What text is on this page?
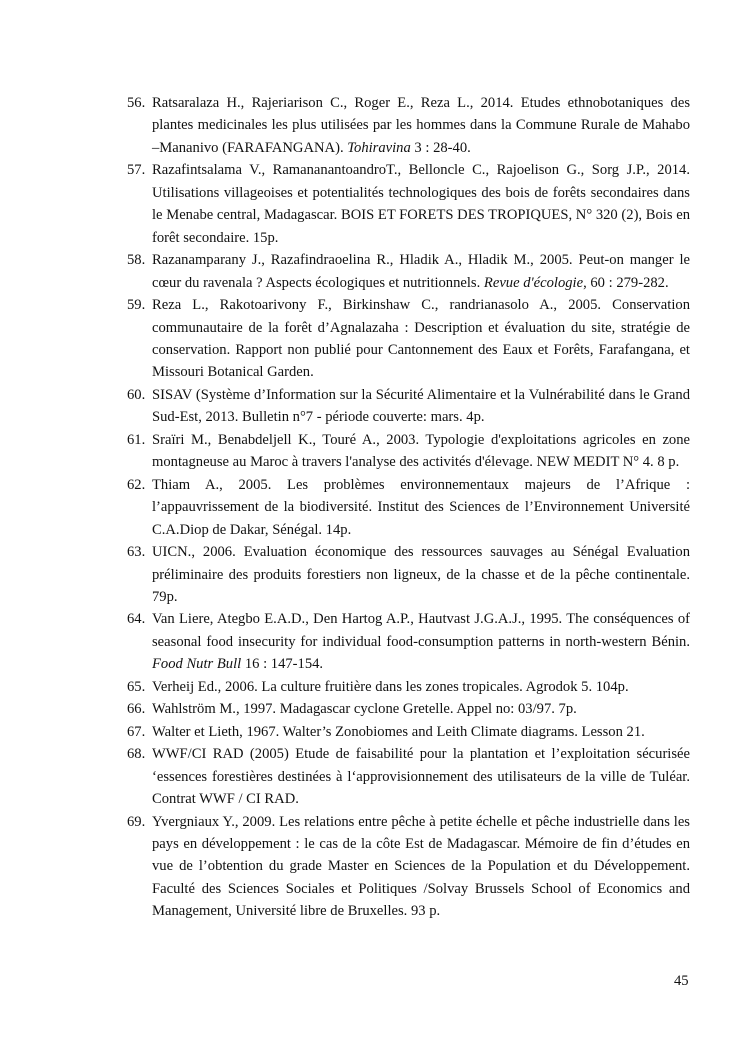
56. Ratsaralaza H., Rajeriarison C., Roger E., Reza L., 2014. Etudes ethnobotaniques des plantes medicinales les plus utilisées par les hommes dans la Commune Rurale de Mahabo –Mananivo (FARAFANGANA). Tohiravina 3 : 28-40.
57. Razafintsalama V., RamananantoandroT., Belloncle C., Rajoelison G., Sorg J.P., 2014. Utilisations villageoises et potentialités technologiques des bois de forêts secondaires dans le Menabe central, Madagascar. BOIS ET FORETS DES TROPIQUES, N° 320 (2), Bois en forêt secondaire. 15p.
58. Razanamparany J., Razafindraoelina R., Hladik A., Hladik M., 2005. Peut-on manger le cœur du ravenala ? Aspects écologiques et nutritionnels. Revue d'écologie, 60 : 279-282.
59. Reza L., Rakotoarivony F., Birkinshaw C., randrianasolo A., 2005. Conservation communautaire de la forêt d’Agnalazaha : Description et évaluation du site, stratégie de conservation. Rapport non publié pour Cantonnement des Eaux et Forêts, Farafangana, et Missouri Botanical Garden.
60. SISAV (Système d’Information sur la Sécurité Alimentaire et la Vulnérabilité dans le Grand Sud-Est, 2013. Bulletin n°7 - période couverte: mars. 4p.
61. Sraïri M., Benabdeljell K., Touré A., 2003. Typologie d'exploitations agricoles en zone montagneuse au Maroc à travers l'analyse des activités d'élevage. NEW MEDIT N° 4. 8 p.
62. Thiam A., 2005. Les problèmes environnementaux majeurs de l’Afrique : l’appauvrissement de la biodiversité. Institut des Sciences de l’Environnement Université C.A.Diop de Dakar, Sénégal. 14p.
63. UICN., 2006. Evaluation économique des ressources sauvages au Sénégal Evaluation préliminaire des produits forestiers non ligneux, de la chasse et de la pêche continentale. 79p.
64. Van Liere, Ategbo E.A.D., Den Hartog A.P., Hautvast J.G.A.J., 1995. The conséquences of seasonal food insecurity for individual food-consumption patterns in north-western Bénin. Food Nutr Bull 16 : 147-154.
65. Verheij Ed., 2006. La culture fruitière dans les zones tropicales. Agrodok 5. 104p.
66. Wahlström M., 1997. Madagascar cyclone Gretelle. Appel no: 03/97. 7p.
67. Walter et Lieth, 1967. Walter’s Zonobiomes and Leith Climate diagrams. Lesson 21.
68. WWF/CI RAD (2005) Etude de faisabilité pour la plantation et l’exploitation sécurisée ‘essences forestières destinées à l‘approvisionnement des utilisateurs de la ville de Tuléar. Contrat WWF / CI RAD.
69. Yvergniaux Y., 2009. Les relations entre pêche à petite échelle et pêche industrielle dans les pays en développement : le cas de la côte Est de Madagascar. Mémoire de fin d’études en vue de l’obtention du grade Master en Sciences de la Population et du Développement. Faculté des Sciences Sociales et Politiques /Solvay Brussels School of Economics and Management, Université libre de Bruxelles. 93 p.
45
